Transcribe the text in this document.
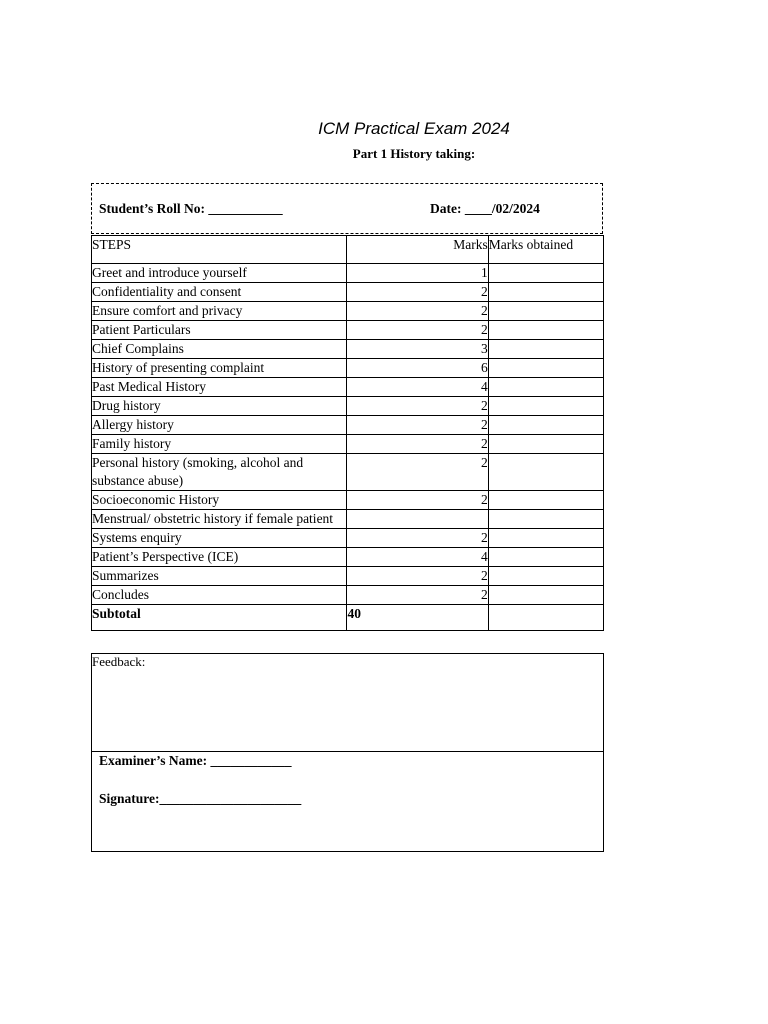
ICM Practical Exam 2024
Part 1 History taking:
Student’s Roll No: ___________	Date: ____/02/2024
STEPS	Marks	Marks obtained
Greet and introduce yourself	1	
Confidentiality and consent	2	
Ensure comfort and privacy	2	
Patient Particulars	2	
Chief Complains	3	
History of presenting complaint	6	
Past Medical History	4	
Drug history	2	
Allergy history	2	
Family history	2	
Personal history (smoking, alcohol and substance abuse)	2	
Socioeconomic History	2	
Menstrual/ obstetric history if female patient		
Systems enquiry	2	
Patient’s Perspective (ICE)	4	
Summarizes	2	
Concludes	2	
Subtotal	40	
Feedback:
Examiner’s Name: ____________
Signature:_____________________
